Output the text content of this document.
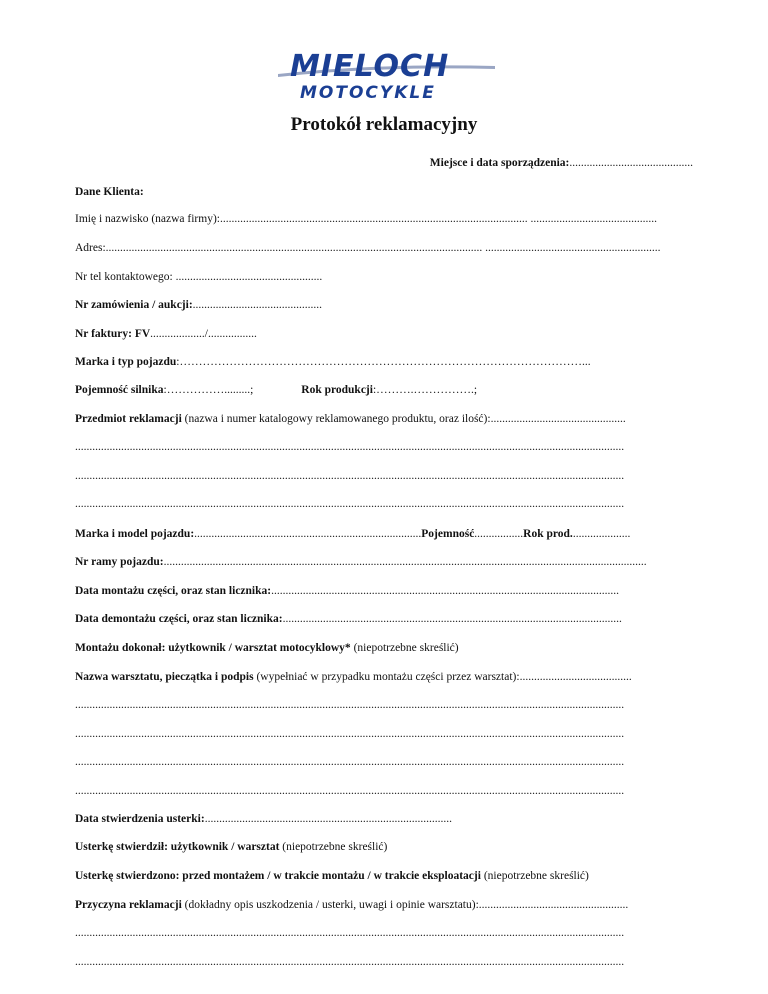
MIELOCH
MOTOCYKLE
Protokół reklamacyjny
Miejsce i data sporządzenia:...........................................
Dane Klienta:
Imię i nazwisko (nazwa firmy):........................................................................................................... ............................................
Adres:................................................................................................................................... .............................................................
Nr tel kontaktowego: ...................................................
Nr zamówienia / aukcji:.............................................
Nr faktury: FV.................../.................
Marka i typ pojazdu:……………………………………………………………………………………………...
Pojemność silnika:…………….........;	Rok produkcji:……….…………….;
Przedmiot reklamacji (nazwa i numer katalogowy reklamowanego produktu, oraz ilość):...............................................
...............................................................................................................................................................................................
...............................................................................................................................................................................................
...............................................................................................................................................................................................
Marka i model pojazdu:...............................................................................Pojemność.................Rok prod.....................
Nr ramy pojazdu:........................................................................................................................................................................
Data montażu części, oraz stan licznika:.........................................................................................................................
Data demontażu części, oraz stan licznika:......................................................................................................................
Montażu dokonał: użytkownik / warsztat motocyklowy* (niepotrzebne skreślić)
Nazwa warsztatu, pieczątka i podpis (wypełniać w przypadku montażu części przez warsztat):.......................................
...............................................................................................................................................................................................
...............................................................................................................................................................................................
...............................................................................................................................................................................................
...............................................................................................................................................................................................
Data stwierdzenia usterki:......................................................................................
Usterkę stwierdził: użytkownik / warsztat (niepotrzebne skreślić)
Usterkę stwierdzono: przed montażem / w trakcie montażu / w trakcie eksploatacji (niepotrzebne skreślić)
Przyczyna reklamacji (dokładny opis uszkodzenia / usterki, uwagi i opinie warsztatu):....................................................
...............................................................................................................................................................................................
...............................................................................................................................................................................................
